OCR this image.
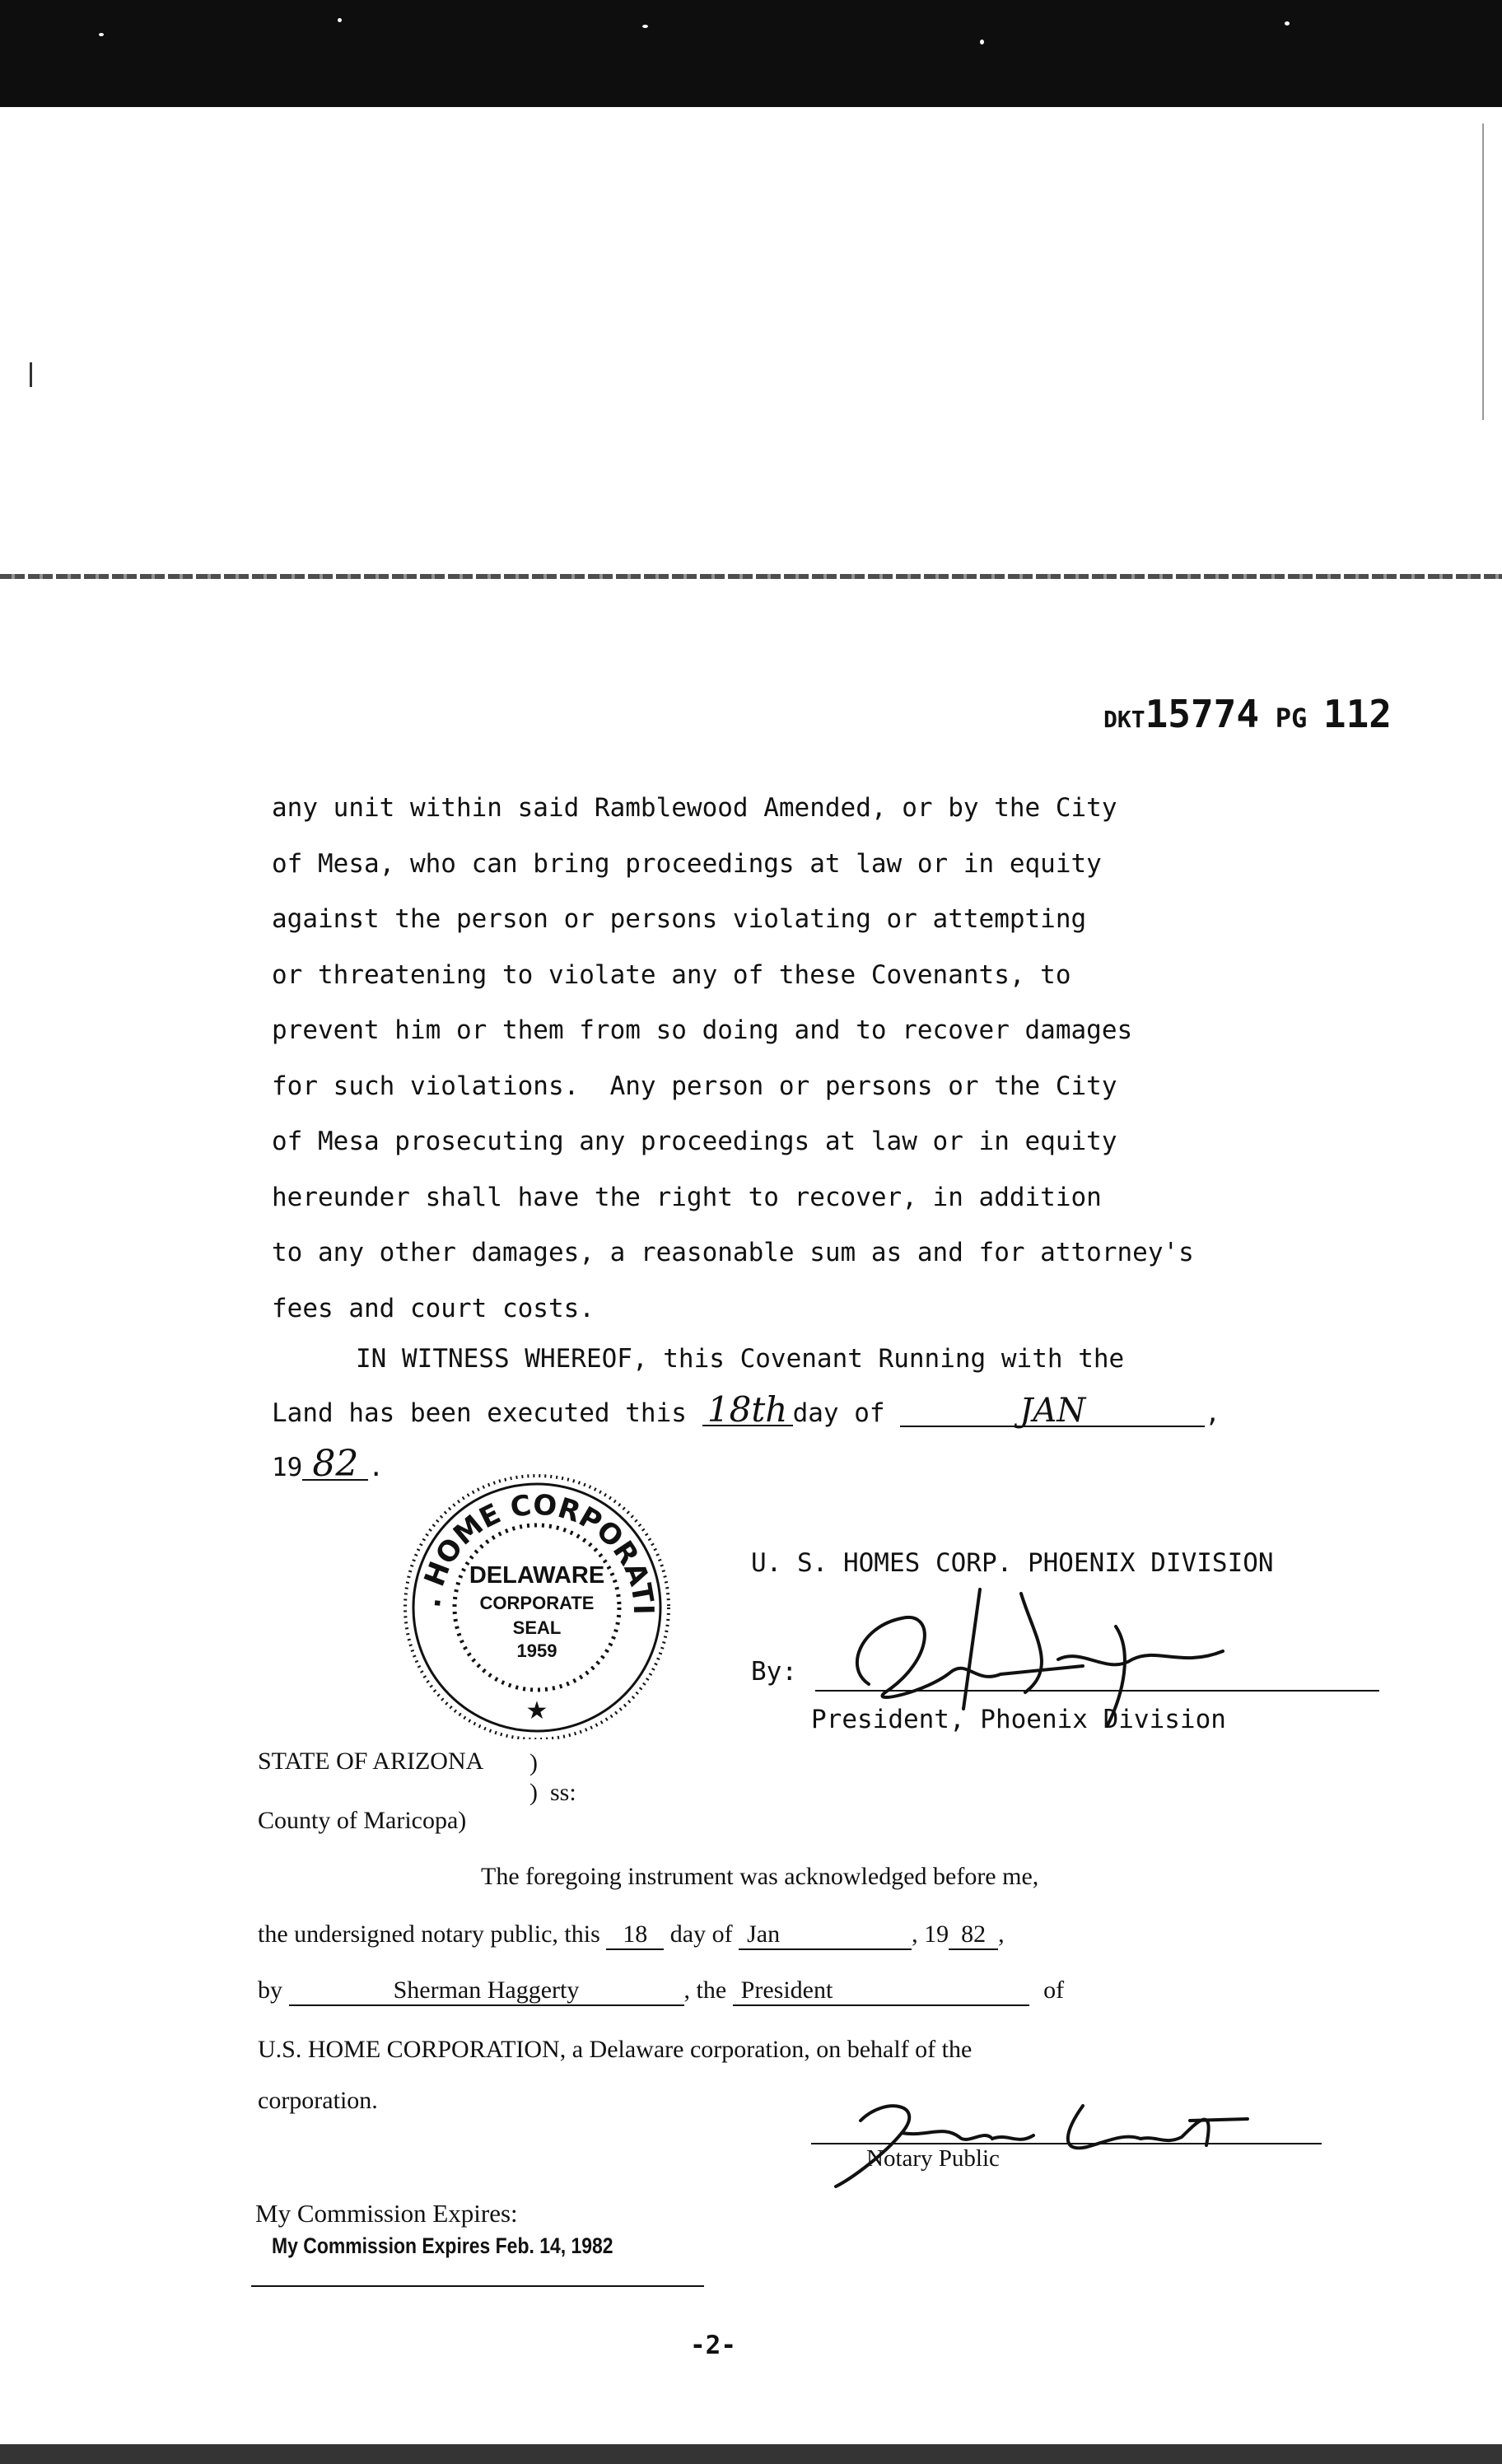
DKT15774 PG 112
any unit within said Ramblewood Amended, or by the City
of Mesa, who can bring proceedings at law or in equity
against the person or persons violating or attempting
or threatening to violate any of these Covenants, to
prevent him or them from so doing and to recover damages
for such violations.  Any person or persons or the City
of Mesa prosecuting any proceedings at law or in equity
hereunder shall have the right to recover, in addition
to any other damages, a reasonable sum as and for attorney's
fees and court costs.
IN WITNESS WHEREOF, this Covenant Running with the
Land has been executed this 18th day of	JAN	,
19 82 .
. HOME CORPORATI
DELAWARE
CORPORATE
SEAL
1959
★
U. S. HOMES CORP. PHOENIX DIVISION
By:
President, Phoenix Division
STATE OF ARIZONA )
)  ss:
County of Maricopa)
The foregoing instrument was acknowledged before me,
the undersigned notary public, this 18 day of Jan	, 19 82 ,
by	Sherman Haggerty	, the President	of
U.S. HOME CORPORATION, a Delaware corporation, on behalf of the
corporation.
Notary Public
My Commission Expires:
My Commission Expires Feb. 14, 1982
-2-
